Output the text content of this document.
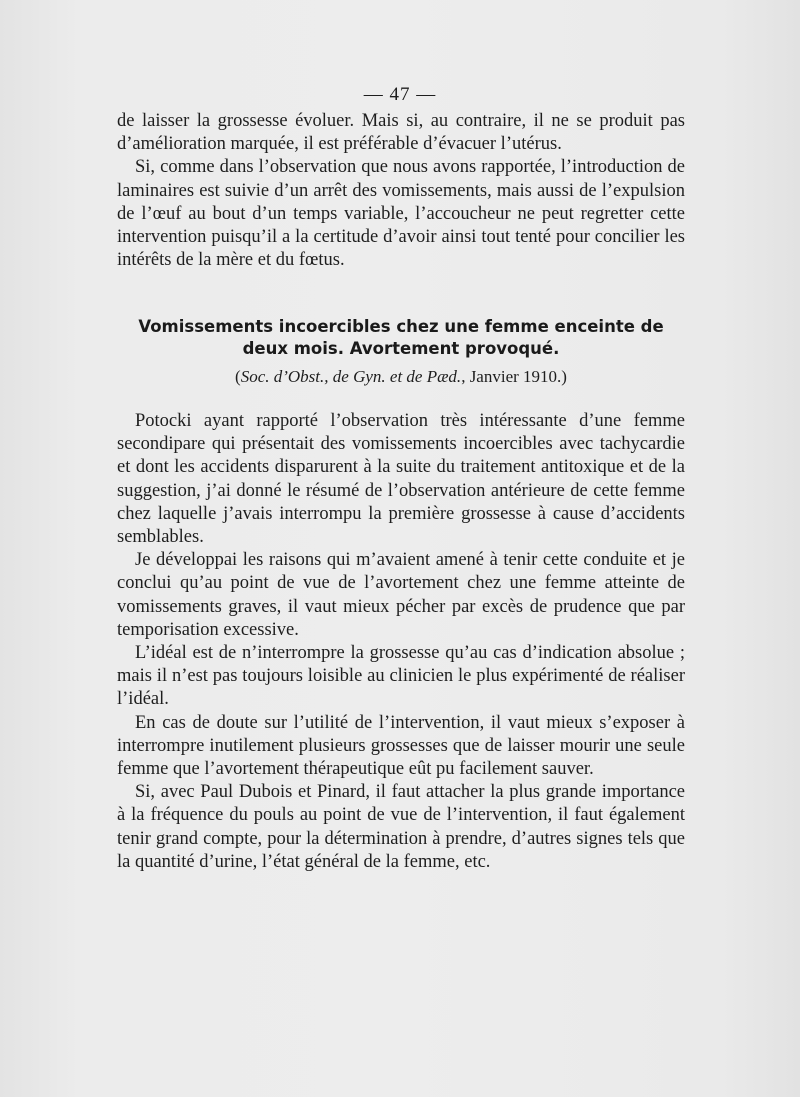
— 47 —

de laisser la grossesse évoluer. Mais si, au contraire, il ne se produit pas d’amélioration marquée, il est préférable d’évacuer l’utérus.

Si, comme dans l’observation que nous avons rapportée, l’introduction de laminaires est suivie d’un arrêt des vomissements, mais aussi de l’expulsion de l’œuf au bout d’un temps variable, l’accoucheur ne peut regretter cette intervention puisqu’il a la certitude d’avoir ainsi tout tenté pour concilier les intérêts de la mère et du fœtus.

Vomissements incoercibles chez une femme enceinte de
deux mois. Avortement provoqué.
(Soc. d’Obst., de Gyn. et de Pæd., Janvier 1910.)

Potocki ayant rapporté l’observation très intéressante d’une femme secondipare qui présentait des vomissements incoercibles avec tachycardie et dont les accidents disparurent à la suite du traitement antitoxique et de la suggestion, j’ai donné le résumé de l’observation antérieure de cette femme chez laquelle j’avais interrompu la première grossesse à cause d’accidents semblables.

Je développai les raisons qui m’avaient amené à tenir cette conduite et je conclui qu’au point de vue de l’avortement chez une femme atteinte de vomissements graves, il vaut mieux pécher par excès de prudence que par temporisation excessive.

L’idéal est de n’interrompre la grossesse qu’au cas d’indication absolue ; mais il n’est pas toujours loisible au clinicien le plus expérimenté de réaliser l’idéal.

En cas de doute sur l’utilité de l’intervention, il vaut mieux s’exposer à interrompre inutilement plusieurs grossesses que de laisser mourir une seule femme que l’avortement thérapeutique eût pu facilement sauver.

Si, avec Paul Dubois et Pinard, il faut attacher la plus grande importance à la fréquence du pouls au point de vue de l’intervention, il faut également tenir grand compte, pour la détermination à prendre, d’autres signes tels que la quantité d’urine, l’état général de la femme, etc.
